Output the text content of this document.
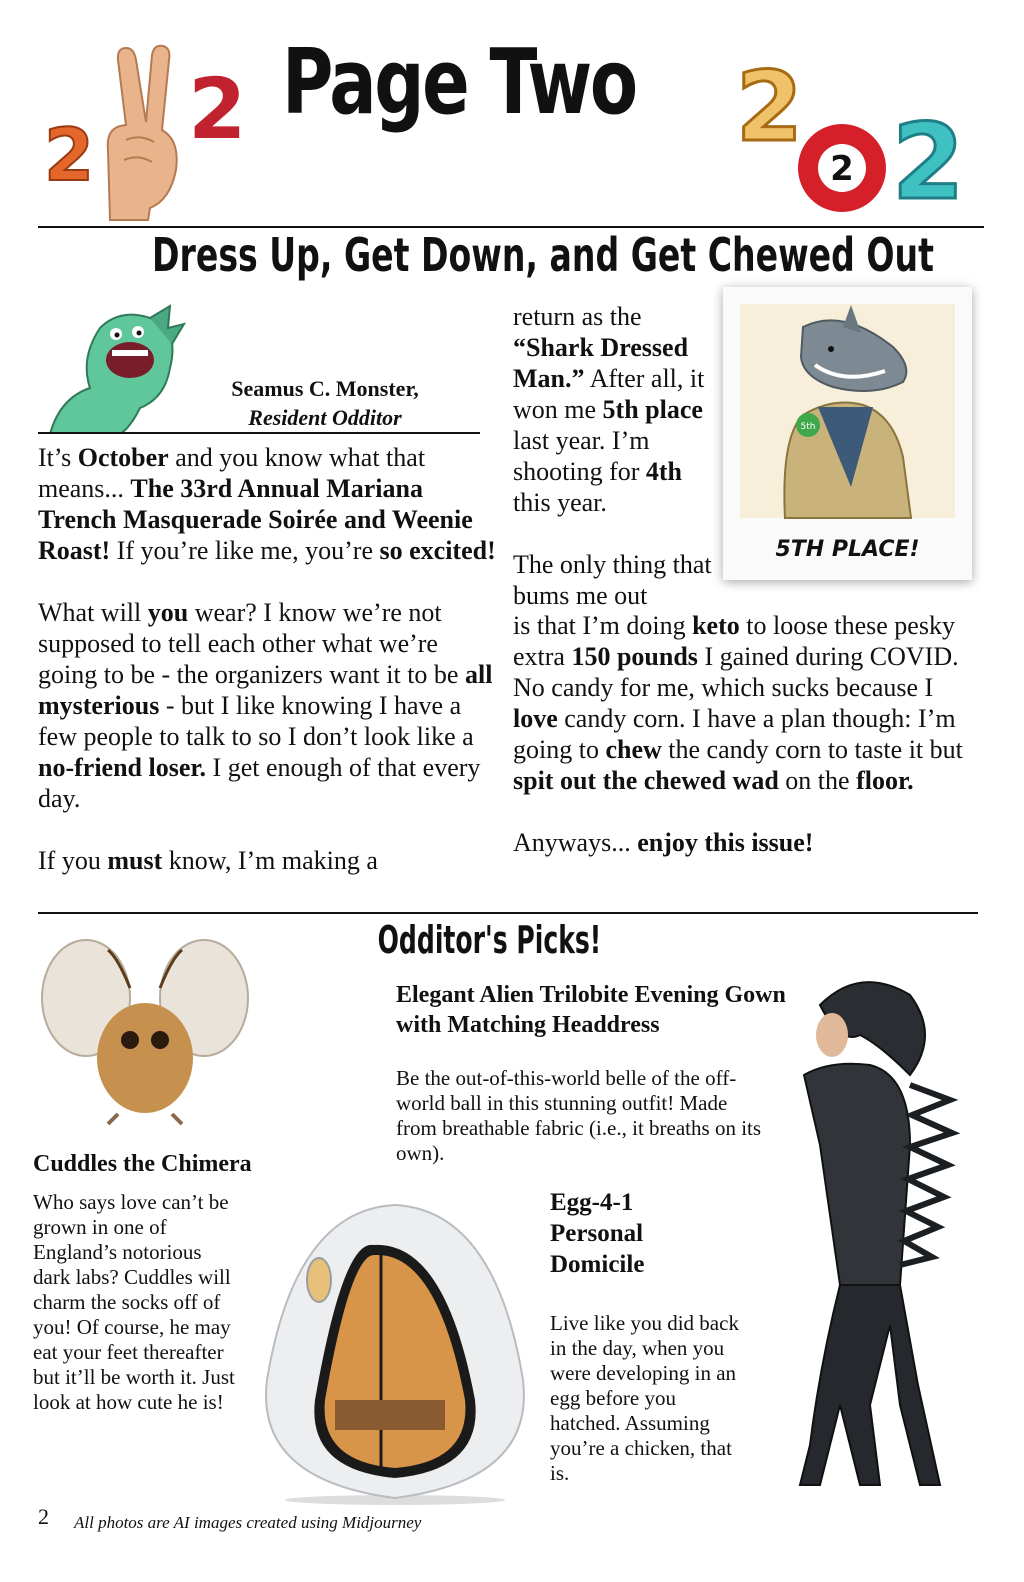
2 2 Page Two 2
2 2
Dress Up, Get Down, and Get Chewed Out
Seamus C. Monster,
Resident Odditor

It’s October and you know what that means... The 33rd Annual Mariana Trench Masquerade Soirée and Weenie Roast! If you’re like me, you’re so excited!

What will you wear? I know we’re not supposed to tell each other what we’re going to be - the organizers want it to be all mysterious - but I like knowing I have a few people to talk to so I don’t look like a no-friend loser. I get enough of that every day.

If you must know, I’m making a

return as the “Shark Dressed Man.” After all, it won me 5th place last year. I’m shooting for 4th this year.

The only thing that bums me out

is that I’m doing keto to loose these pesky extra 150 pounds I gained during COVID. No candy for me, which sucks because I love candy corn. I have a plan though: I’m going to chew the candy corn to taste it but spit out the chewed wad on the floor.

Anyways... enjoy this issue!

5th
5TH PLACE!
Odditor's Picks!
Elegant Alien Trilobite Evening Gown with Matching Headdress
Be the out-of-this-world belle of the off-world ball in this stunning outfit! Made from breathable fabric (i.e., it breaths on its own).
Cuddles the Chimera
Who says love can’t be grown in one of England’s notorious dark labs? Cuddles will charm the socks off of you! Of course, he may eat your feet thereafter but it’ll be worth it. Just look at how cute he is!
Egg-4-1 Personal Domicile
Live like you did back in the day, when you were developing in an egg before you hatched. Assuming you’re a chicken, that is.
2 All photos are AI images created using Midjourney
